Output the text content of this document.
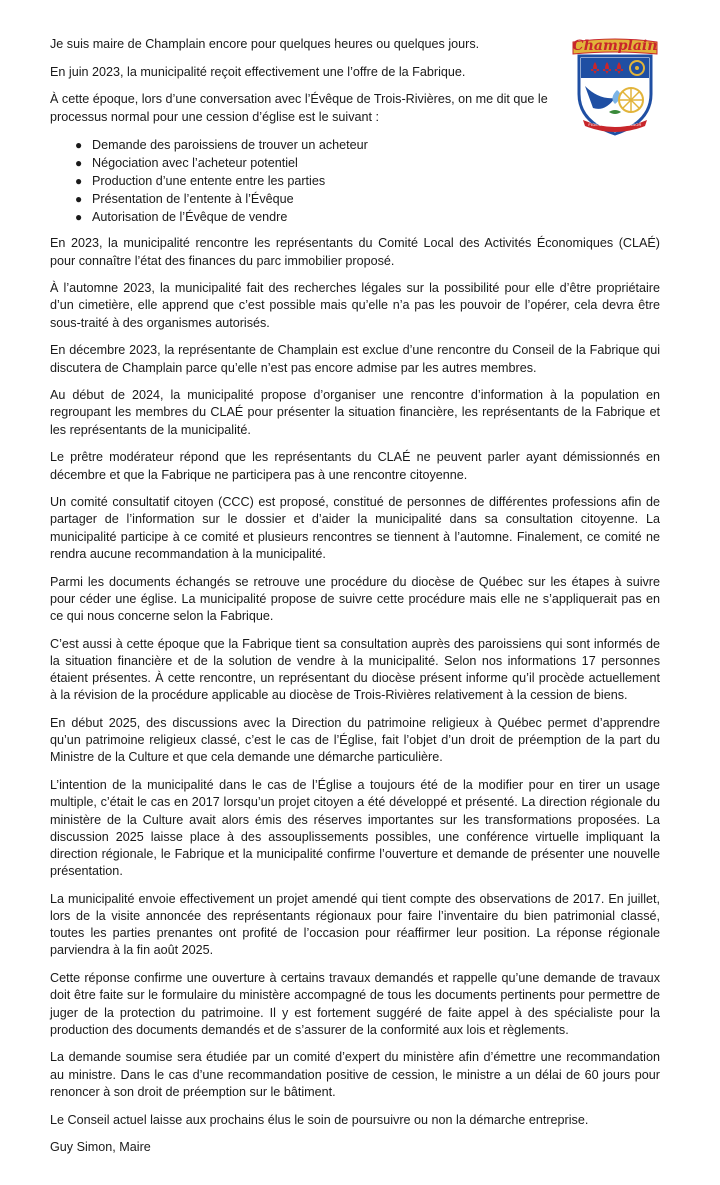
Je suis maire de Champlain encore pour quelques heures ou quelques jours.

En juin 2023, la municipalité reçoit effectivement une l’offre de la Fabrique.

À cette époque, lors d’une conversation avec l’Évêque de Trois-Rivières, on me dit que le processus normal pour une cession d’église est le suivant :

● Demande des paroissiens de trouver un acheteur
● Négociation avec l’acheteur potentiel
● Production d’une entente entre les parties
● Présentation de l’entente à l’Évêque
● Autorisation de l’Évêque de vendre

En 2023, la municipalité rencontre les représentants du Comité Local des Activités Économiques (CLAÉ) pour connaître l’état des finances du parc immobilier proposé.

À l’automne 2023, la municipalité fait des recherches légales sur la possibilité pour elle d’être propriétaire d’un cimetière, elle apprend que c’est possible mais qu’elle n’a pas les pouvoir de l’opérer, cela devra être sous-traité à des organismes autorisés.

En décembre 2023, la représentante de Champlain est exclue d’une rencontre du Conseil de la Fabrique qui discutera de Champlain parce qu’elle n’est pas encore admise par les autres membres.

Au début de 2024, la municipalité propose d’organiser une rencontre d’information à la population en regroupant les membres du CLAÉ pour présenter la situation financière, les représentants de la Fabrique et les représentants de la municipalité.

Le prêtre modérateur répond que les représentants du CLAÉ ne peuvent parler ayant démissionnés en décembre et que la Fabrique ne participera pas à une rencontre citoyenne.

Un comité consultatif citoyen (CCC) est proposé, constitué de personnes de différentes professions afin de partager de l’information sur le dossier et d’aider la municipalité dans sa consultation citoyenne. La municipalité participe à ce comité et plusieurs rencontres se tiennent à l’automne. Finalement, ce comité ne rendra aucune recommandation à la municipalité.

Parmi les documents échangés se retrouve une procédure du diocèse de Québec sur les étapes à suivre pour céder une église. La municipalité propose de suivre cette procédure mais elle ne s’appliquerait pas en ce qui nous concerne selon la Fabrique.

C’est aussi à cette époque que la Fabrique tient sa consultation auprès des paroissiens qui sont informés de la situation financière et de la solution de vendre à la municipalité. Selon nos informations 17 personnes étaient présentes. À cette rencontre, un représentant du diocèse présent informe qu’il procède actuellement à la révision de la procédure applicable au diocèse de Trois-Rivières relativement à la cession de biens.

En début 2025, des discussions avec la Direction du patrimoine religieux à Québec permet d’apprendre qu’un patrimoine religieux classé, c’est le cas de l’Église, fait l’objet d’un droit de préemption de la part du Ministre de la Culture et que cela demande une démarche particulière.

L’intention de la municipalité dans le cas de l’Église a toujours été de la modifier pour en tirer un usage multiple, c’était le cas en 2017 lorsqu’un projet citoyen a été développé et présenté. La direction régionale du ministère de la Culture avait alors émis des réserves importantes sur les transformations proposées. La discussion 2025 laisse place à des assouplissements possibles, une conférence virtuelle impliquant la direction régionale, le Fabrique et la municipalité confirme l’ouverture et demande de présenter une nouvelle présentation.

La municipalité envoie effectivement un projet amendé qui tient compte des observations de 2017. En juillet, lors de la visite annoncée des représentants régionaux pour faire l’inventaire du bien patrimonial classé, toutes les parties prenantes ont profité de l’occasion pour réaffirmer leur position. La réponse régionale parviendra à la fin août 2025.

Cette réponse confirme une ouverture à certains travaux demandés et rappelle qu’une demande de travaux doit être faite sur le formulaire du ministère accompagné de tous les documents pertinents pour permettre de juger de la protection du patrimoine. Il y est fortement suggéré de faite appel à des spécialiste pour la production des documents demandés et de s’assurer de la conformité aux lois et règlements.

La demande soumise sera étudiée par un comité d’expert du ministère afin d’émettre une recommandation au ministre. Dans le cas d’une recommandation positive de cession, le ministre a un délai de 60 jours pour renoncer à son droit de préemption sur le bâtiment.

Le Conseil actuel laisse aux prochains élus le soin de poursuivre ou non la démarche entreprise.

Guy Simon, Maire

Champlain
FIDES FAMILIA ET LABOR
